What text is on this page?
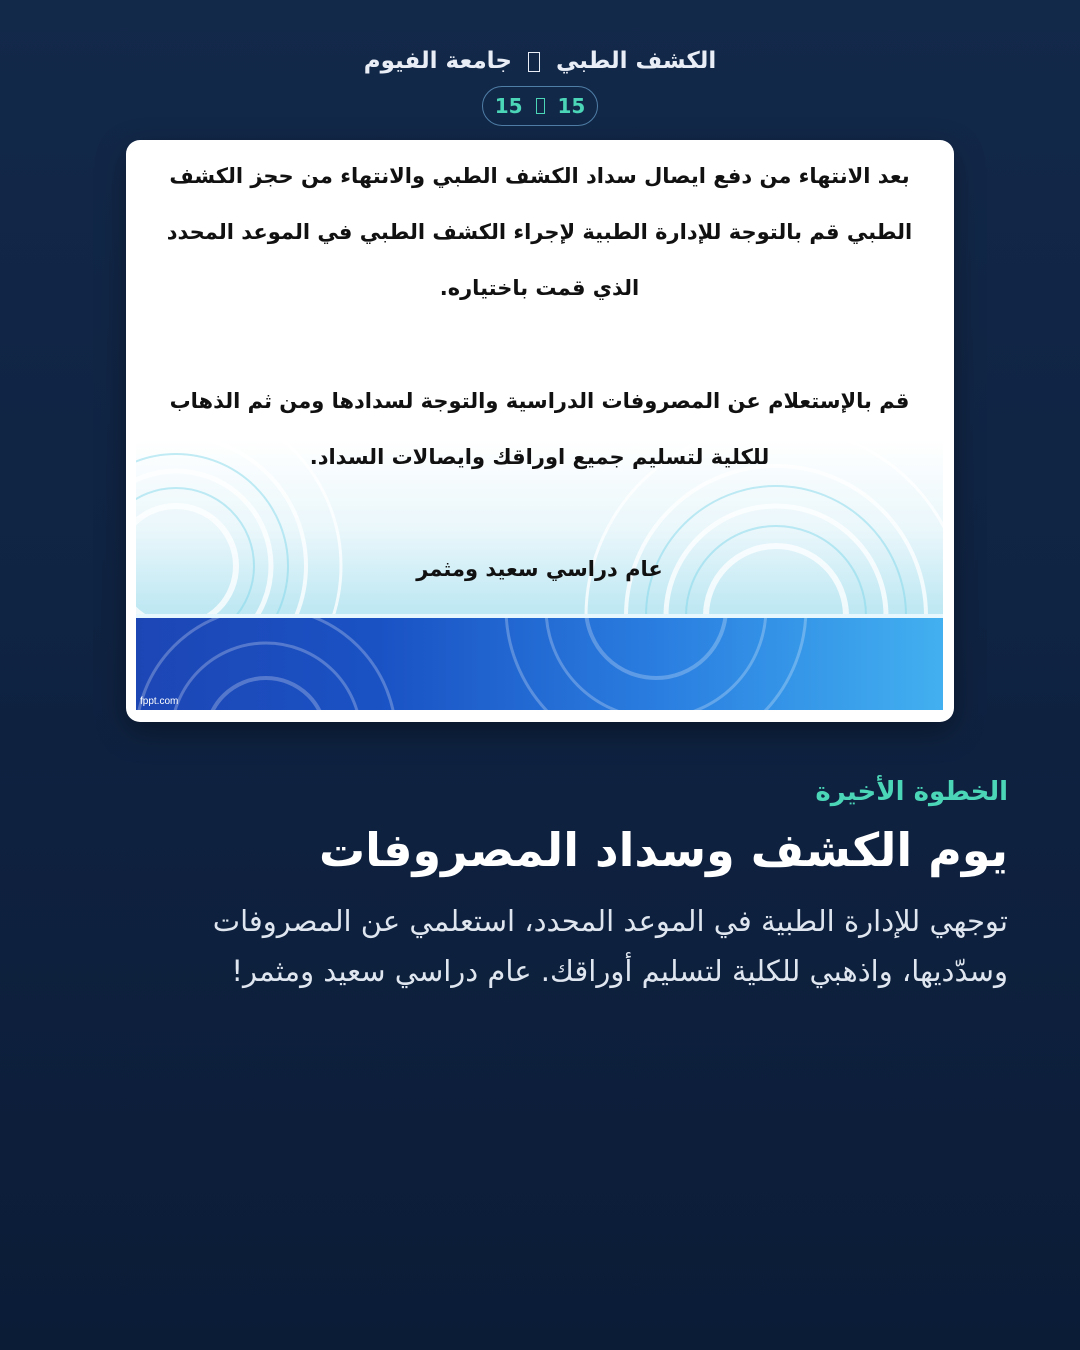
الكشف الطبي  جامعة الفيوم
15  15
بعد الانتهاء من دفع ايصال سداد الكشف الطبي والانتهاء من حجز الكشف الطبي قم بالتوجة للإدارة الطبية لإجراء الكشف الطبي في الموعد المحدد الذي قمت باختياره.
قم بالإستعلام عن المصروفات الدراسية والتوجة لسدادها ومن ثم الذهاب للكلية لتسليم جميع اوراقك وايصالات السداد.
عام دراسي سعيد ومثمر
fppt.com
الخطوة الأخيرة
يوم الكشف وسداد المصروفات

توجهي للإدارة الطبية في الموعد المحدد، استعلمي عن المصروفات وسدّديها، واذهبي للكلية لتسليم أوراقك. عام دراسي سعيد ومثمر!
